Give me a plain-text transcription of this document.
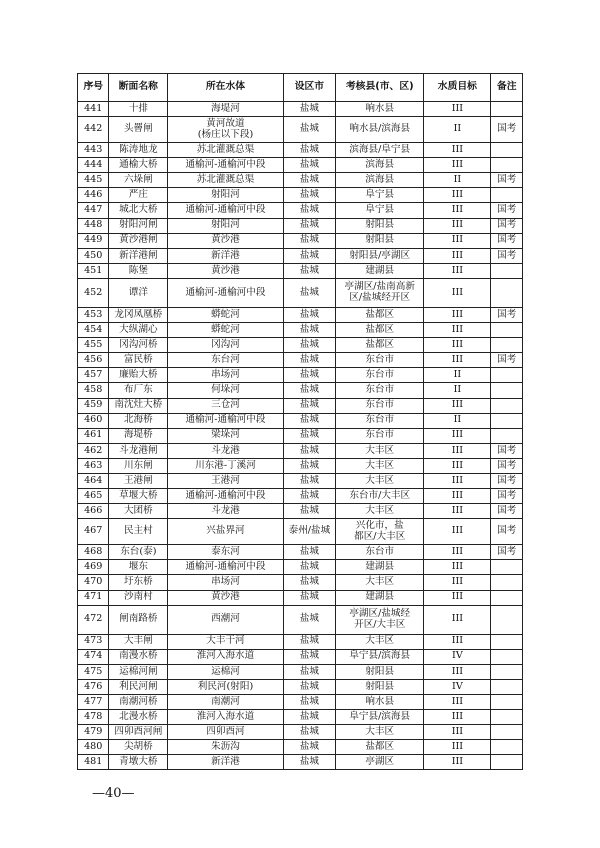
序号	断面名称	所在水体	设区市	考核县(市、区)	水质目标	备注
441	十排	海堤河	盐城	响水县	III	
442	头罾闸	黄河故道
(杨庄以下段)	盐城	响水县/滨海县	II	国考
443	陈涛地龙	苏北灌溉总渠	盐城	滨海县/阜宁县	III	
444	通榆大桥	通榆河-通榆河中段	盐城	滨海县	III	
445	六垛闸	苏北灌溉总渠	盐城	滨海县	II	国考
446	严庄	射阳河	盐城	阜宁县	III	
447	城北大桥	通榆河-通榆河中段	盐城	阜宁县	III	国考
448	射阳河闸	射阳河	盐城	射阳县	III	国考
449	黄沙港闸	黄沙港	盐城	射阳县	III	国考
450	新洋港闸	新洋港	盐城	射阳县/亭湖区	III	国考
451	陈堡	黄沙港	盐城	建湖县	III	
452	谭洋	通榆河-通榆河中段	盐城	亭湖区/盐南高新
区/盐城经开区	III	
453	龙冈凤凰桥	蟒蛇河	盐城	盐都区	III	国考
454	大纵湖心	蟒蛇河	盐城	盐都区	III	
455	冈沟河桥	冈沟河	盐城	盐都区	III	
456	富民桥	东台河	盐城	东台市	III	国考
457	廉贻大桥	串场河	盐城	东台市	II	
458	布厂东	何垛河	盐城	东台市	II	
459	南沈灶大桥	三仓河	盐城	东台市	III	
460	北海桥	通榆河-通榆河中段	盐城	东台市	II	
461	海堤桥	梁垛河	盐城	东台市	III	
462	斗龙港闸	斗龙港	盐城	大丰区	III	国考
463	川东闸	川东港-丁溪河	盐城	大丰区	III	国考
464	王港闸	王港河	盐城	大丰区	III	国考
465	草堰大桥	通榆河-通榆河中段	盐城	东台市/大丰区	III	国考
466	大团桥	斗龙港	盐城	大丰区	III	国考
467	民主村	兴盐界河	泰州/盐城	兴化市，盐
都区/大丰区	III	国考
468	东台(泰)	泰东河	盐城	东台市	III	国考
469	堰东	通榆河-通榆河中段	盐城	建湖县	III	
470	圩东桥	串场河	盐城	大丰区	III	
471	沙南村	黄沙港	盐城	建湖县	III	
472	闸南路桥	西潮河	盐城	亭湖区/盐城经
开区/大丰区	III	
473	大丰闸	大丰干河	盐城	大丰区	III	
474	南漫水桥	淮河入海水道	盐城	阜宁县/滨海县	IV	
475	运棉河闸	运棉河	盐城	射阳县	III	
476	利民河闸	利民河(射阳)	盐城	射阳县	IV	
477	南潮河桥	南潮河	盐城	响水县	III	
478	北漫水桥	淮河入海水道	盐城	阜宁县/滨海县	III	
479	四卯酉河闸	四卯酉河	盐城	大丰区	III	
480	尖胡桥	朱沥沟	盐城	盐都区	III	
481	青墩大桥	新洋港	盐城	亭湖区	III	
—40—
